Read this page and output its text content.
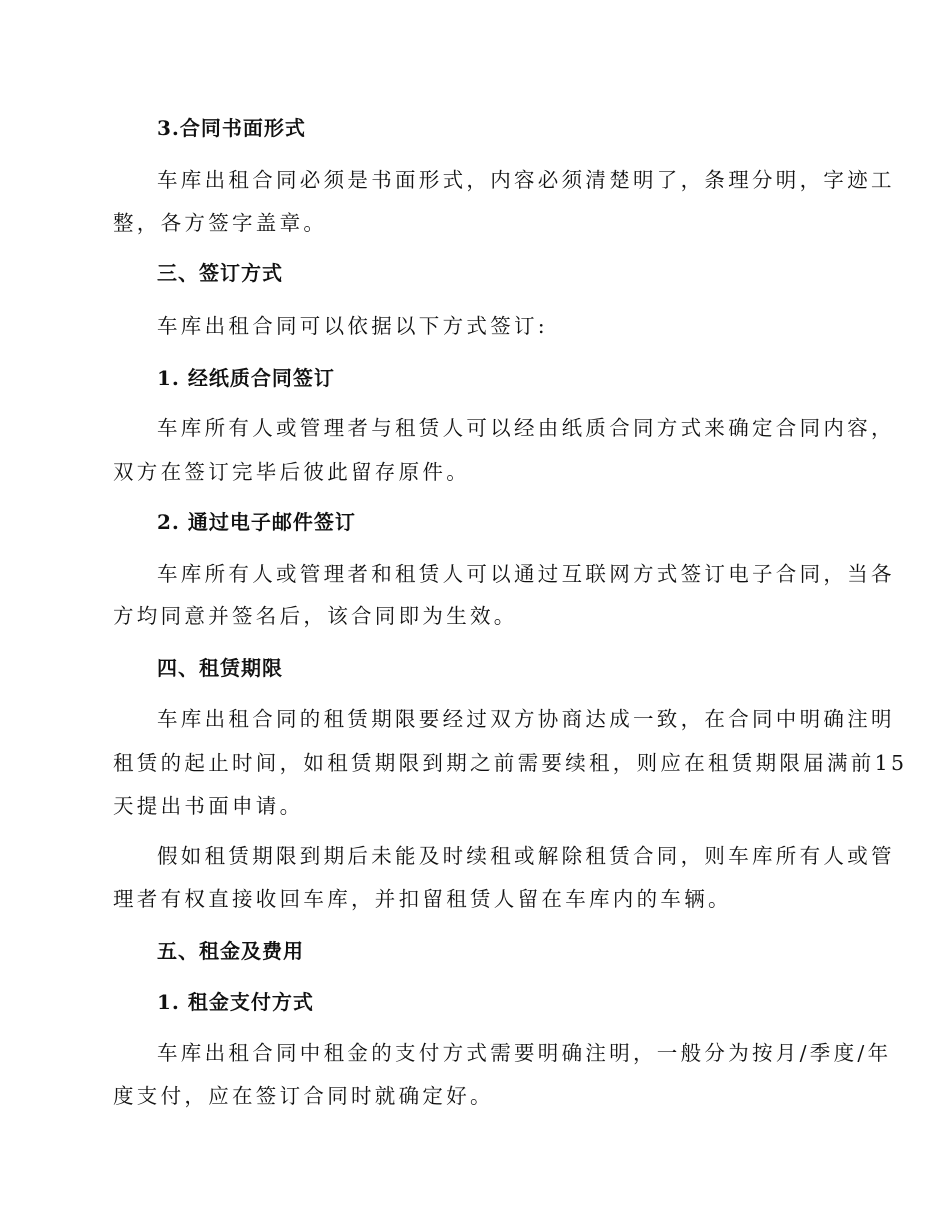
3.合同书面形式
车库出租合同必须是书面形式，内容必须清楚明了，条理分明，字迹工
整，各方签字盖章。
三、签订方式
车库出租合同可以依据以下方式签订:
1. 经纸质合同签订
车库所有人或管理者与租赁人可以经由纸质合同方式来确定合同内容，
双方在签订完毕后彼此留存原件。
2. 通过电子邮件签订
车库所有人或管理者和租赁人可以通过互联网方式签订电子合同，当各
方均同意并签名后，该合同即为生效。
四、租赁期限
车库出租合同的租赁期限要经过双方协商达成一致，在合同中明确注明
租赁的起止时间，如租赁期限到期之前需要续租，则应在租赁期限届满前15
天提出书面申请。
假如租赁期限到期后未能及时续租或解除租赁合同，则车库所有人或管
理者有权直接收回车库，并扣留租赁人留在车库内的车辆。
五、租金及费用
1. 租金支付方式
车库出租合同中租金的支付方式需要明确注明，一般分为按月/季度/年
度支付，应在签订合同时就确定好。
